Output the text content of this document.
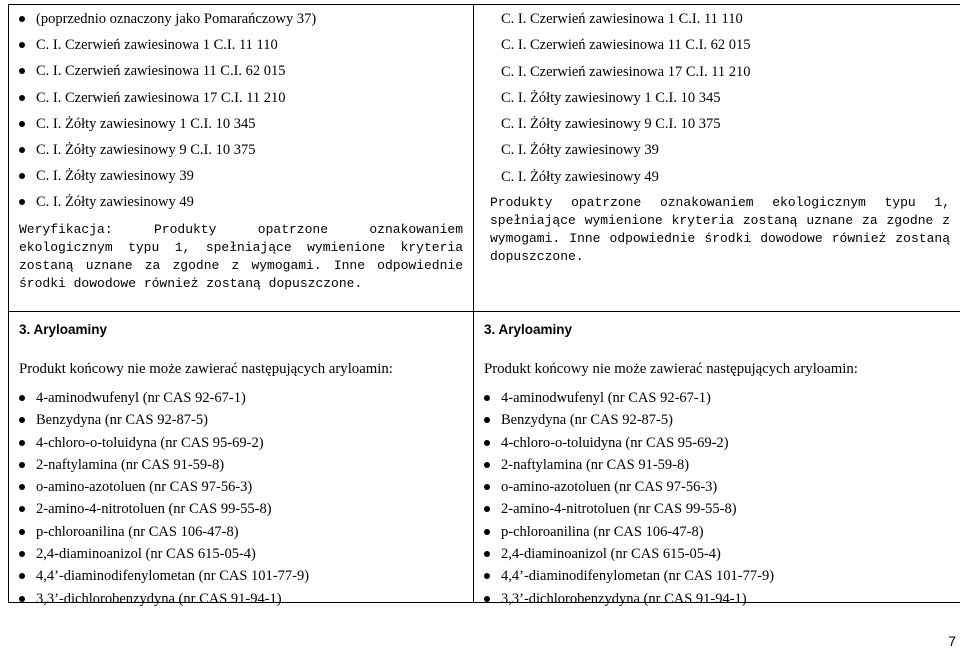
(poprzednio oznaczony jako Pomarańczowy 37)
C. I. Czerwień zawiesinowa 1 C.I. 11 110
C. I. Czerwień zawiesinowa 11 C.I. 62 015
C. I. Czerwień zawiesinowa 17 C.I. 11 210
C. I. Żółty zawiesinowy 1 C.I. 10 345
C. I. Żółty zawiesinowy 9 C.I. 10 375
C. I. Żółty zawiesinowy 39
C. I. Żółty zawiesinowy 49
Weryfikacja: Produkty opatrzone oznakowaniem ekologicznym typu 1, spełniające wymienione kryteria zostaną uznane za zgodne z wymogami. Inne odpowiednie środki dowodowe również zostaną dopuszczone.
C. I. Czerwień zawiesinowa 1 C.I. 11 110
C. I. Czerwień zawiesinowa 11 C.I. 62 015
C. I. Czerwień zawiesinowa 17 C.I. 11 210
C. I. Żółty zawiesinowy 1 C.I. 10 345
C. I. Żółty zawiesinowy 9 C.I. 10 375
C. I. Żółty zawiesinowy 39
C. I. Żółty zawiesinowy 49
Produkty opatrzone oznakowaniem ekologicznym typu 1, spełniające wymienione kryteria zostaną uznane za zgodne z wymogami. Inne odpowiednie środki dowodowe również zostaną dopuszczone.
3. Aryloaminy
Produkt końcowy nie może zawierać następujących aryloamin:
4-aminodwufenyl (nr CAS 92-67-1)
Benzydyna (nr CAS 92-87-5)
4-chloro-o-toluidyna (nr CAS 95-69-2)
2-naftylamina (nr CAS 91-59-8)
o-amino-azotoluen (nr CAS 97-56-3)
2-amino-4-nitrotoluen (nr CAS 99-55-8)
p-chloroanilina (nr CAS 106-47-8)
2,4-diaminoanizol (nr CAS 615-05-4)
4,4’-diaminodifenylometan (nr CAS 101-77-9)
3,3’-dichlorobenzydyna (nr CAS 91-94-1)
3. Aryloaminy
Produkt końcowy nie może zawierać następujących aryloamin:
4-aminodwufenyl (nr CAS 92-67-1)
Benzydyna (nr CAS 92-87-5)
4-chloro-o-toluidyna (nr CAS 95-69-2)
2-naftylamina (nr CAS 91-59-8)
o-amino-azotoluen (nr CAS 97-56-3)
2-amino-4-nitrotoluen (nr CAS 99-55-8)
p-chloroanilina (nr CAS 106-47-8)
2,4-diaminoanizol (nr CAS 615-05-4)
4,4’-diaminodifenylometan (nr CAS 101-77-9)
3,3’-dichlorobenzydyna (nr CAS 91-94-1)
7
